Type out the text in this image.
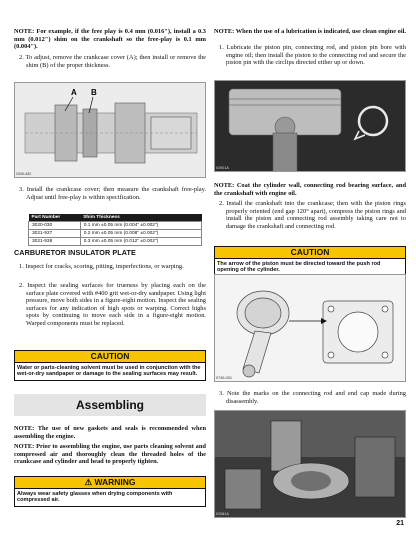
NOTE: For example, if the free play is 0.4 mm (0.016"), install a 0.3 mm (0.012") shim on the crankshaft so the free-play is 0.1 mm (0.004").

2. To adjust, remove the crankcase cover (A); then install or remove the shim (B) of the proper thickness.

A B
GN0-432

3. Install the crankcase cover; then measure the crankshaft free-play. Adjust until free-play is within specification.

Part Number	Shim Thickness
3020-030	0.1 mm ±0.05 mm (0.004" ±0.002")
3021-937	0.2 mm ±0.05 mm (0.008" ±0.002")
3021-938	0.3 mm ±0.05 mm (0.012" ±0.002")
CARBURETOR INSULATOR PLATE

1. Inspect for cracks, scoring, pitting, imperfections, or warping.

2. Inspect the sealing surfaces for trueness by placing each on the surface plate covered with #400 grit wet-or-dry sandpaper. Using light pressure, move both sides in a figure-eight motion. Inspect the sealing surfaces for any indication of high spots or warping. Correct highs spots by continuing to move each side in a figure-eight motion. Warped components must be replaced.

CAUTION
Water or parts-cleaning solvent must be used in conjunction with the wet-or-dry sandpaper or damage to the sealing surfaces may result.
Assembling

NOTE: The use of new gaskets and seals is recommended when assembling the engine.

NOTE: Prior to assembling the engine, use parts cleaning solvent and compressed air and thoroughly clean the threaded holes of the crankcase and cylinder and head to properly tighten.

⚠ WARNING
Always wear safety glasses when drying components with compressed air.

NOTE: When the use of a lubrication is indicated, use clean engine oil.

1. Lubricate the piston pin, connecting rod, and piston pin bore with engine oil; then install the piston to the connecting rod and secure the piston pin with the circlips directed either up or down.

IO001A

NOTE: Coat the cylinder wall, connecting rod bearing surface, and the crankshaft with engine oil.

2. Install the crankshaft into the crankcase; then with the piston rings properly oriented (end gap 120° apart), compress the piston rings and install the piston and connecting rod assembly taking care not to damage the crankshaft and connecting rod.

CAUTION
The arrow of the piston must be directed toward the push rod opening of the cylinder.
0745-001

3. Note the marks on the connecting rod and end cap made during disassembly.

IO081A
21
